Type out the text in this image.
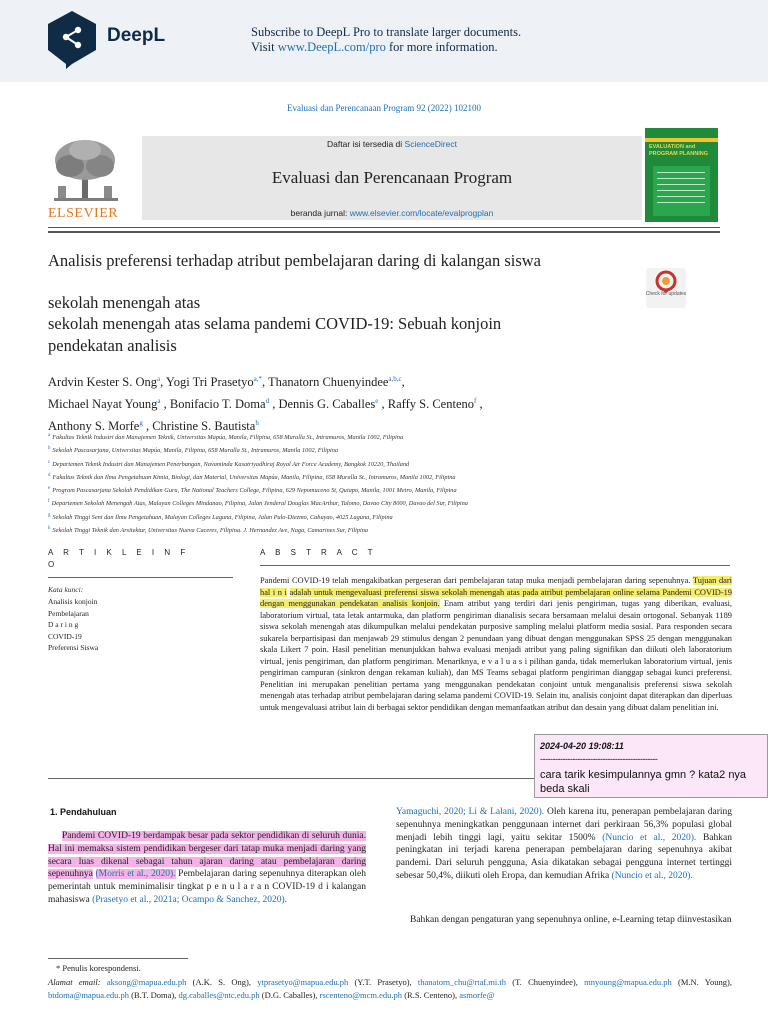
DeepL	Subscribe to DeepL Pro to translate larger documents.
Visit www.DeepL.com/pro for more information.
Evaluasi dan Perencanaan Program 92 (2022) 102100
ELSEVIER
Daftar isi tersedia di ScienceDirect
Evaluasi dan Perencanaan Program
beranda jurnal: www.elsevier.com/locate/evalprogplan
EVALUATION and PROGRAM PLANNING
Analisis preferensi terhadap atribut pembelajaran daring di kalangan siswa
sekolah menengah atas
sekolah menengah atas selama pandemi COVID-19: Sebuah konjoin
pendekatan analisis
Check for updates
Ardvin Kester S. Ong$^a$, Yogi Tri Prasetyo$^{a,*}$, Thanatorn Chuenyindee$^{a,b,c}$,
Michael Nayat Young$^a$ , Bonifacio T. Doma$^d$ , Dennis G. Caballes$^e$ , Raffy S. Centeno$^f$ ,
Anthony S. Morfe$^g$ , Christine S. Bautista$^h$
$^a$ Fakultas Teknik Industri dan Manajemen Teknik, Universitas Mapúa, Manila, Filipina, 658 Muralla St., Intramuros, Manila 1002, Filipina
$^b$ Sekolah Pascasarjana, Universitas Mapúa, Manila, Filipina, 658 Muralla St., Intramuros, Manila 1002, Filipina
$^c$ Departemen Teknik Industri dan Manajemen Penerbangan, Navaminda Kasatriyadhiraj Royal Air Force Academy, Bangkok 10220, Thailand
$^d$ Fakultas Teknik dan Ilmu Pengetahuan Kimia, Biologi, dan Material, Universitas Mapúa, Manila, Filipina, 658 Muralla St., Intramuros, Manila 1002, Filipina
$^e$ Program Pascasarjana Sekolah Pendidikan Guru, The National Teachers College, Filipina, 629 Nepomuceno St, Quiapo, Manila, 1001 Metro, Manila, Filipina
$^f$ Departemen Sekolah Menengah Atas, Malayan Colleges Mindanao, Filipina, Jalan Jenderal Douglas MacArthur, Talomo, Davao City 8000, Davao del Sur, Filipina
$^g$ Sekolah Tinggi Seni dan Ilmu Pengetahuan, Malayan Colleges Laguna, Filipina, Jalan Pulo-Diezmo, Cabuyao, 4025 Laguna, Filipina
$^h$ Sekolah Tinggi Teknik dan Arsitektur, Universitas Nueva Caceres, Filipina. J. Hernandez Ave, Naga, Camarines Sur, Filipina
A R T I K L E I N F
O
Kata kunci:
Analisis konjoin
Pembelajaran
D a r i n g
COVID-19
Preferensi Siswa
A B S T R A C T
Pandemi COVID-19 telah mengakibatkan pergeseran dari pembelajaran tatap muka menjadi pembelajaran daring sepenuhnya. Tujuan dari hal i n i adalah untuk mengevaluasi preferensi siswa sekolah menengah atas pada atribut pembelajaran online selama Pandemi COVID-19 dengan menggunakan pendekatan analisis konjoin. Enam atribut yang terdiri dari jenis pengiriman, tugas yang diberikan, evaluasi, laboratorium virtual, tata letak antarmuka, dan platform pengiriman dianalisis secara bersamaan melalui desain ortogonal. Sebanyak 1189 siswa sekolah menengah atas dikumpulkan melalui pendekatan purposive sampling melalui platform media sosial. Para responden secara sukarela berpartisipasi dan menjawab 29 stimulus dengan 2 penundaan yang dibuat dengan menggunakan SPSS 25 dengan menggunakan skala Likert 7 poin. Hasil penelitian menunjukkan bahwa evaluasi menjadi atribut yang paling signifikan dan diikuti oleh laboratorium virtual, jenis pengiriman, dan platform pengiriman. Menariknya, e v a l u a s i pilihan ganda, tidak memerlukan laboratorium virtual, jenis pengiriman campuran (sinkron dengan rekaman kuliah), dan MS Teams sebagai platform pengiriman dianggap sebagai kunci preferensi. Penelitian ini merupakan penelitian pertama yang menggunakan pendekatan conjoint untuk menganalisis preferensi siswa sekolah menengah atas terhadap atribut pembelajaran daring selama pandemi COVID-19. Selain itu, analisis conjoint dapat diterapkan dan diperluas untuk mengevaluasi atribut lain di berbagai sektor pendidikan dengan memanfaatkan atribut dan desain yang dibuat dalam penelitian ini.
2024-04-20 19:08:11
-----------------------------------------------
cara tarik kesimpulannya gmn ? kata2 nya beda skali
1. Pendahuluan
Pandemi COVID-19 berdampak besar pada sektor pendidikan di seluruh dunia. Hal ini memaksa sistem pendidikan bergeser dari tatap muka menjadi daring yang secara luas dikenal sebagai tahun ajaran daring atau pembelajaran daring sepenuhnya (Morris et al., 2020). Pembelajaran daring sepenuhnya diterapkan oleh pemerintah untuk meminimalisir tingkat p e n u l a r a n COVID-19 d i kalangan mahasiswa (Prasetyo et al., 2021a; Ocampo & Sanchez, 2020).
Yamaguchi, 2020; Li & Lalani, 2020). Oleh karena itu, penerapan pembelajaran daring sepenuhnya meningkatkan penggunaan internet dari perkiraan 56,3% populasi global menjadi lebih tinggi lagi, yaitu sekitar 1500% (Nuncio et al., 2020). Bahkan peningkatan ini terjadi karena penerapan pembelajaran daring sepenuhnya akibat pandemi. Dari seluruh pengguna, Asia dikatakan sebagai pengguna internet tertinggi sebesar 50,4%, diikuti oleh Eropa, dan kemudian Afrika (Nuncio et al., 2020).
Bahkan dengan pengaturan yang sepenuhnya online, e-Learning tetap diinvestasikan
* Penulis korespondensi.
Alamat email: aksong@mapua.edu.ph (A.K. S. Ong), ytprasetyo@mapua.edu.ph (Y.T. Prasetyo), thanatorn_chu@rtaf.mi.th (T. Chuenyindee), mnyoung@mapua.edu.ph (M.N. Young), btdoma@mapua.edu.ph (B.T. Doma), dg.caballes@ntc.edu.ph (D.G. Caballes), rscenteno@mcm.edu.ph (R.S. Centeno), asmorfe@
